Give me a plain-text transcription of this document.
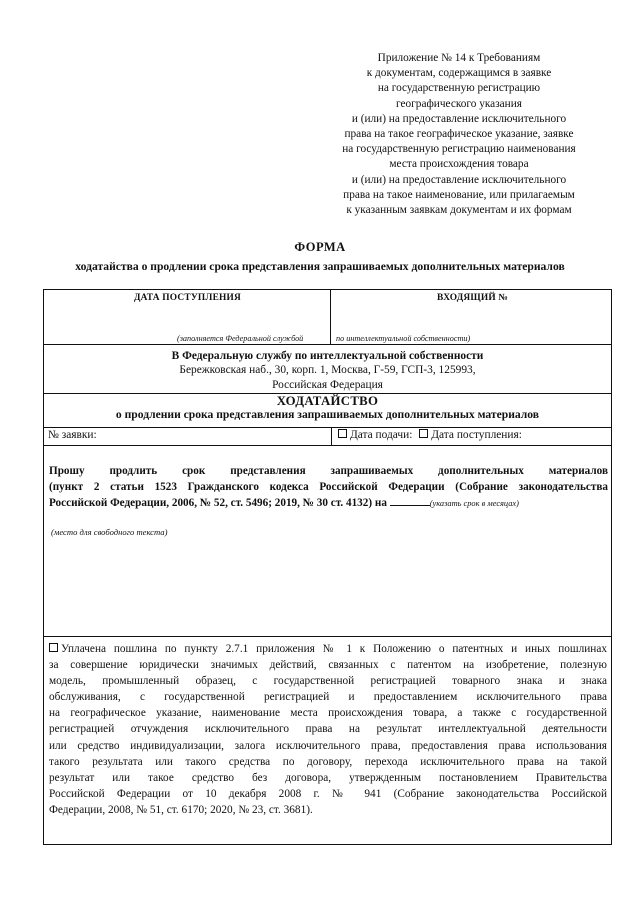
Приложение № 14 к Требованиям
к документам, содержащимся в заявке
на государственную регистрацию
географического указания
и (или) на предоставление исключительного
права на такое географическое указание, заявке
на государственную регистрацию наименования
места происхождения товара
и (или) на предоставление исключительного
права на такое наименование, или прилагаемым
к указанным заявкам документам и их формам
ФОРМА
ходатайства о продлении срока представления запрашиваемых дополнительных материалов
ДАТА ПОСТУПЛЕНИЯ	ВХОДЯЩИЙ №
(заполняется Федеральной службой	по интеллектуальной собственности)
В Федеральную службу по интеллектуальной собственности
Бережковская наб., 30, корп. 1, Москва, Г-59, ГСП-3, 125993,
Российская Федерация
ХОДАТАЙСТВО
о продлении срока представления запрашиваемых дополнительных материалов
№ заявки:	Дата подачи: Дата поступления:
Прошу продлить срок представления запрашиваемых дополнительных материалов
(пункт 2 статьи 1523 Гражданского кодекса Российской Федерации (Собрание законодательства
Российской Федерации, 2006, № 52, ст. 5496; 2019, № 30 ст. 4132) на	(указать срок в месяцах)
(место для свободного текста)
Уплачена пошлина по пункту 2.7.1 приложения № 1 к Положению о патентных и иных пошлинах
за совершение юридически значимых действий, связанных с патентом на изобретение, полезную
модель, промышленный образец, с государственной регистрацией товарного знака и знака
обслуживания, с государственной регистрацией и предоставлением исключительного права
на географическое указание, наименование места происхождения товара, а также с государственной
регистрацией отчуждения исключительного права на результат интеллектуальной деятельности
или средство индивидуализации, залога исключительного права, предоставления права использования
такого результата или такого средства по договору, перехода исключительного права на такой
результат или такое средство без договора, утвержденным постановлением Правительства
Российской Федерации от 10 декабря 2008 г. № 941 (Собрание законодательства Российской
Федерации, 2008, № 51, ст. 6170; 2020, № 23, ст. 3681).
